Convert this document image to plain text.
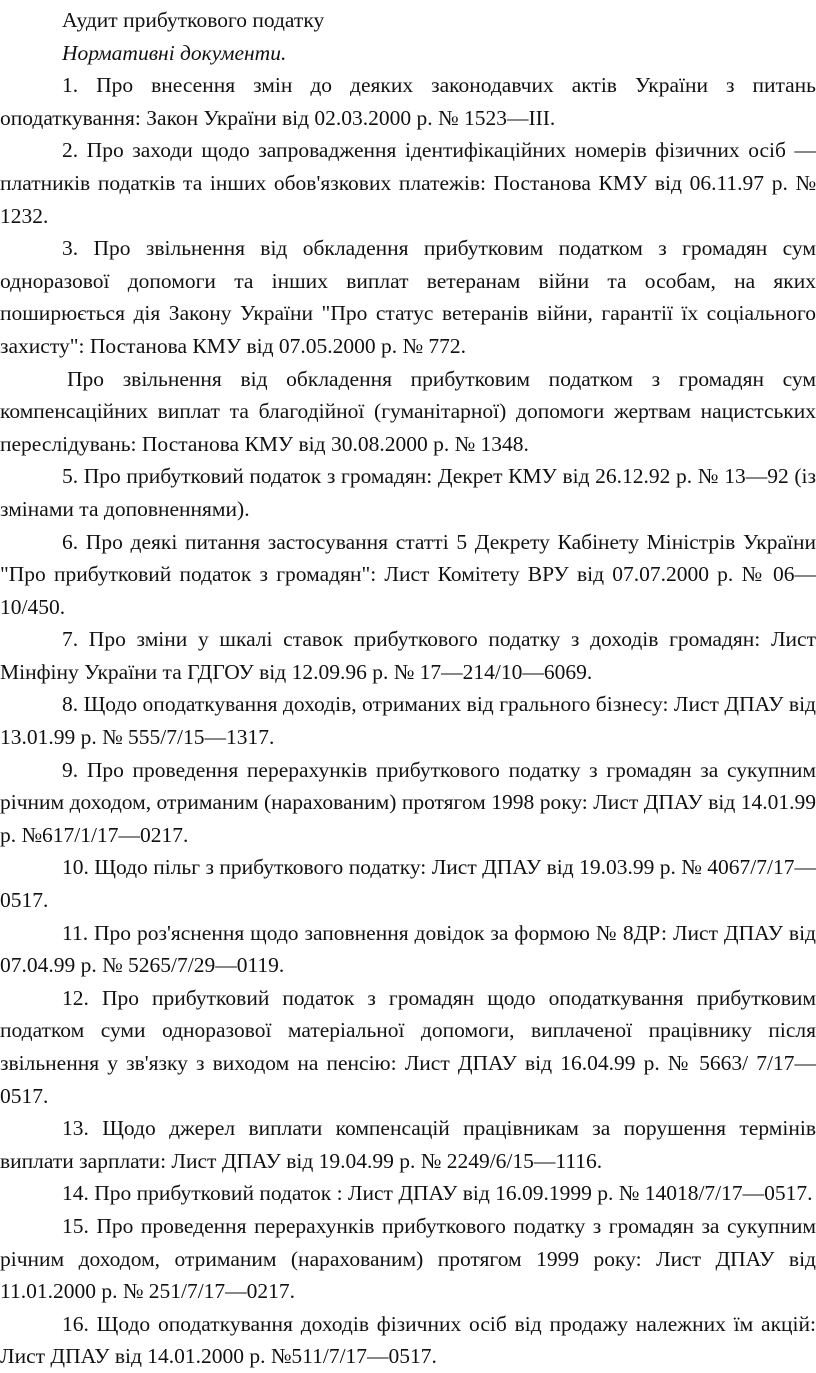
Аудит прибуткового податку

Нормативні документи.

1. Про внесення змін до деяких законодавчих актів України з питань оподаткування: Закон України від 02.03.2000 р. № 1523—III.

2. Про заходи щодо запровадження ідентифікаційних номерів фізичних осіб — платників податків та інших обов'язкових платежів: Постанова КМУ від 06.11.97 р. № 1232.

3. Про звільнення від обкладення прибутковим податком з громадян сум одноразової допомоги та інших виплат ветеранам війни та особам, на яких поширюється дія Закону України "Про статус ветеранів війни, гарантії їх соціального захисту": Постанова КМУ від 07.05.2000 р. № 772.

Про звільнення від обкладення прибутковим податком з громадян сум компенсаційних виплат та благодійної (гуманітарної) допомоги жертвам нацистських переслідувань: Постанова КМУ від 30.08.2000 р. № 1348.

5. Про прибутковий податок з громадян: Декрет КМУ від 26.12.92 р. № 13—92 (із змінами та доповненнями).

6. Про деякі питання застосування статті 5 Декрету Кабінету Міністрів України "Про прибутковий податок з громадян": Лист Комітету ВРУ від 07.07.2000 р. № 06—10/450.

7. Про зміни у шкалі ставок прибуткового податку з доходів громадян: Лист Мінфіну України та ГДГОУ від 12.09.96 р. № 17—214/10—6069.

8. Щодо оподаткування доходів, отриманих від грального бізнесу: Лист ДПАУ від 13.01.99 р. № 555/7/15—1317.

9. Про проведення перерахунків прибуткового податку з громадян за сукупним річним доходом, отриманим (нарахованим) протягом 1998 року: Лист ДПАУ від 14.01.99 р. №617/1/17—0217.

10. Щодо пільг з прибуткового податку: Лист ДПАУ від 19.03.99 р. № 4067/7/17—0517.

11. Про роз'яснення щодо заповнення довідок за формою № 8ДР: Лист ДПАУ від 07.04.99 р. № 5265/7/29—0119.

12. Про прибутковий податок з громадян щодо оподаткування прибутковим податком суми одноразової матеріальної допомоги, виплаченої працівнику після звільнення у зв'язку з виходом на пенсію: Лист ДПАУ від 16.04.99 р. № 5663/ 7/17—0517.

13. Щодо джерел виплати компенсацій працівникам за порушення термінів виплати зарплати: Лист ДПАУ від 19.04.99 р. № 2249/6/15—1116.

14. Про прибутковий податок : Лист ДПАУ від 16.09.1999 р. № 14018/7/17—0517.

15. Про проведення перерахунків прибуткового податку з громадян за сукупним річним доходом, отриманим (нарахованим) протягом 1999 року: Лист ДПАУ від 11.01.2000 р. № 251/7/17—0217.

16. Щодо оподаткування доходів фізичних осіб від продажу належних їм акцій: Лист ДПАУ від 14.01.2000 р. №511/7/17—0517.
